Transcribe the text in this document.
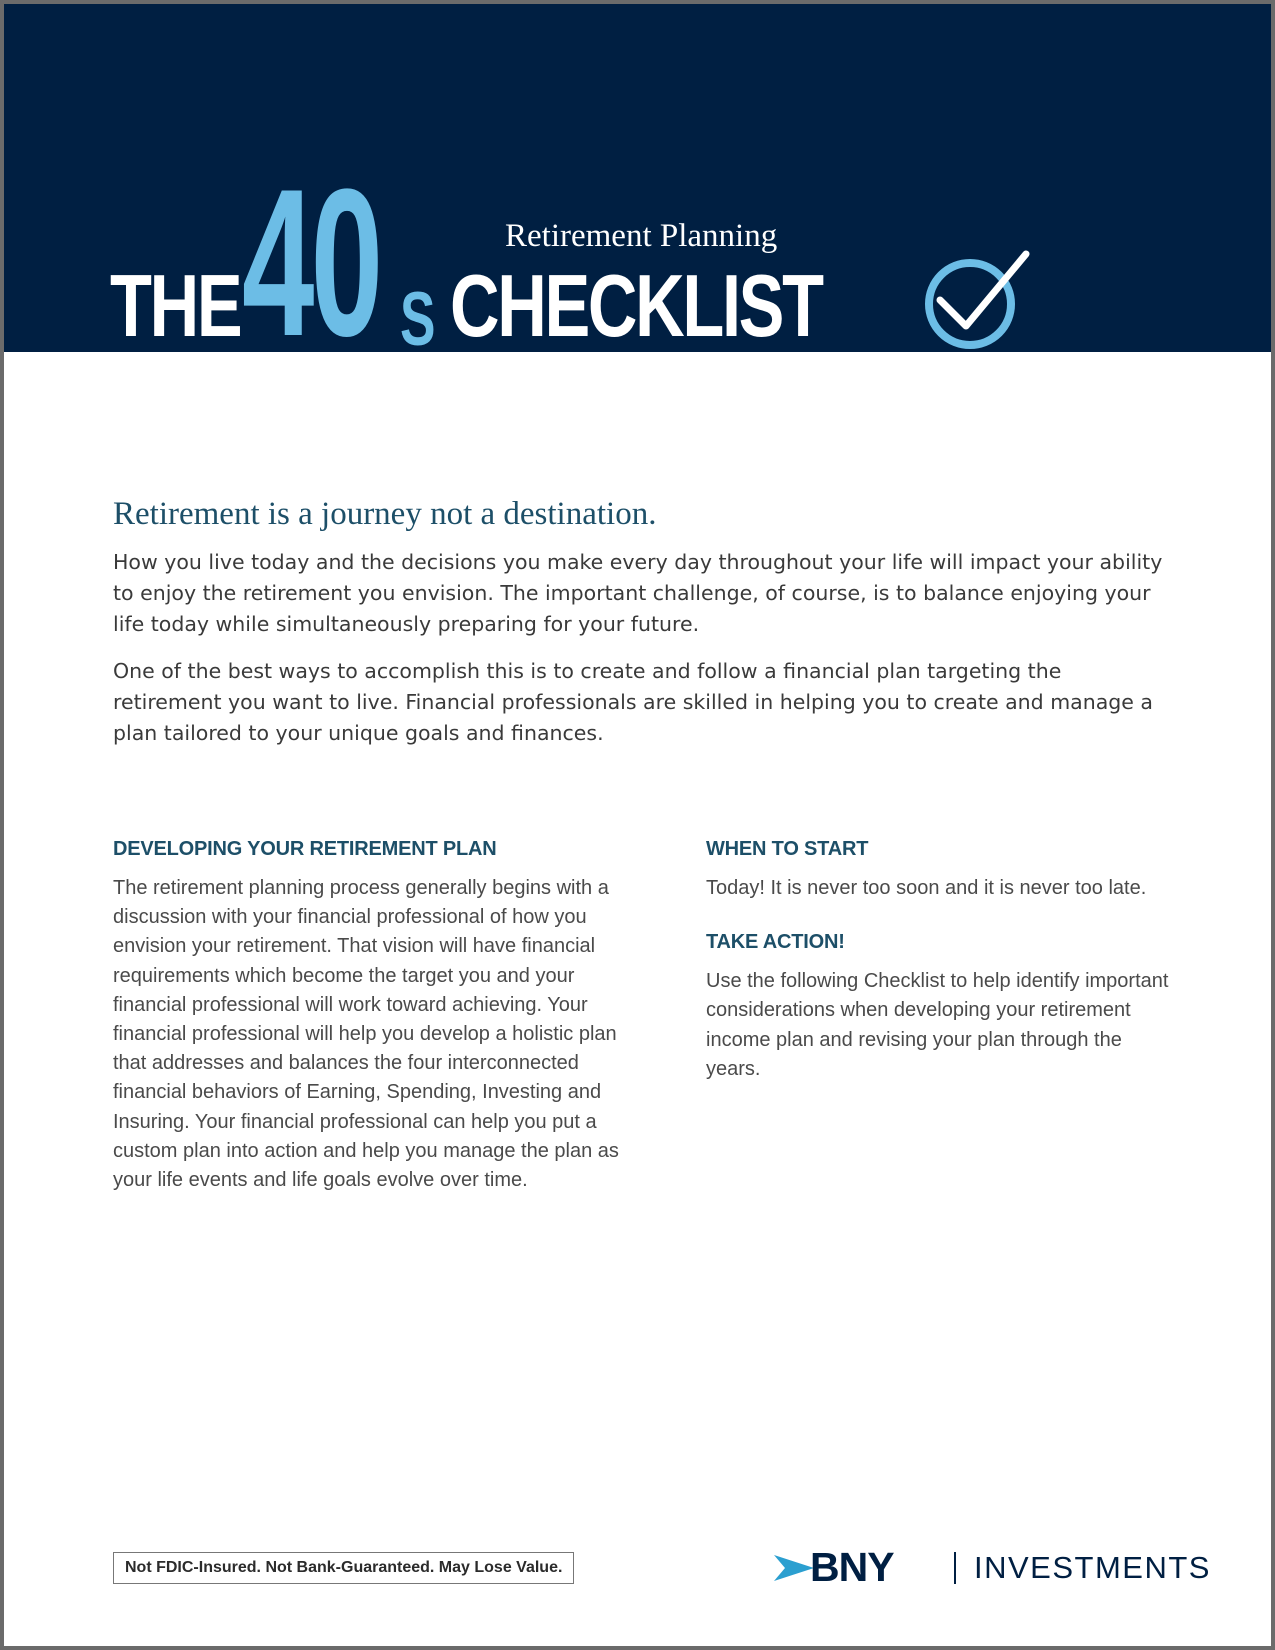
Retirement Planning
THE 40 S CHECKLIST
Retirement is a journey not a destination.

How you live today and the decisions you make every day throughout your life will impact your ability to enjoy the retirement you envision. The important challenge, of course, is to balance enjoying your life today while simultaneously preparing for your future.

One of the best ways to accomplish this is to create and follow a financial plan targeting the retirement you want to live. Financial professionals are skilled in helping you to create and manage a plan tailored to your unique goals and finances.

DEVELOPING YOUR RETIREMENT PLAN

The retirement planning process generally begins with a discussion with your financial professional of how you envision your retirement. That vision will have financial requirements which become the target you and your financial professional will work toward achieving. Your financial professional will help you develop a holistic plan that addresses and balances the four interconnected financial behaviors of Earning, Spending, Investing and Insuring. Your financial professional can help you put a custom plan into action and help you manage the plan as your life events and life goals evolve over time.

WHEN TO START

Today! It is never too soon and it is never too late.

TAKE ACTION!

Use the following Checklist to help identify important considerations when developing your retirement income plan and revising your plan through the years.

Not FDIC-Insured. Not Bank-Guaranteed. May Lose Value.	BNY	INVESTMENTS
